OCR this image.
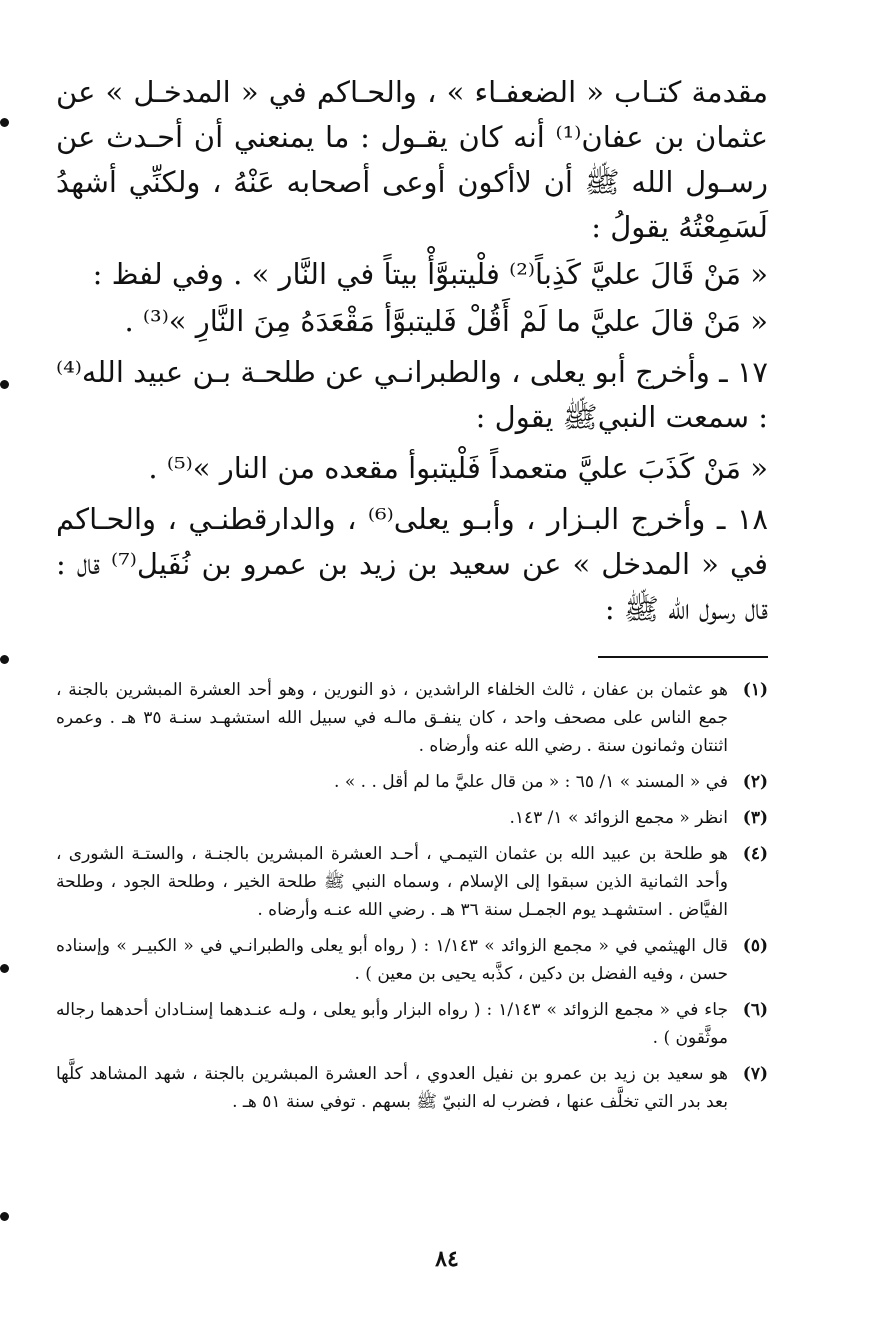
مقدمة كتـاب « الضعفـاء » ، والحـاكم في « المدخـل » عن عثمان بن عفان⁽¹⁾ أنه كان يقـول : ما يمنعني أن أحـدث عن رسـول الله ﷺ أن لاأكون أوعى أصحابه عَنْهُ ، ولكنِّي أشهدُ لَسَمِعْتُهُ يقولُ :

« مَنْ قَالَ عليَّ كَذِباً⁽²⁾ فلْيتبوَّأْ بيتاً في النَّار » . وفي لفظ :

« مَنْ قالَ عليَّ ما لَمْ أَقُلْ فَليتبوَّأ مَقْعَدَهُ مِنَ النَّارِ »⁽³⁾ .

١٧ ـ وأخرج أبو يعلى ، والطبرانـي عن طلحـة بـن عبيد الله⁽⁴⁾ : سمعت النبيﷺ يقول :

« مَنْ كَذَبَ عليَّ متعمداً فَلْيتبوأ مقعده من النار »⁽⁵⁾ .

١٨ ـ وأخرج البـزار ، وأبـو يعلى⁽⁶⁾ ، والدارقطنـي ، والحـاكم في « المدخل » عن سعيد بن زيد بن عمرو بن نُفَيل⁽⁷⁾ قال : قال رسول الله ﷺ :

(١)
هو عثمان بن عفان ، ثالث الخلفاء الراشدين ، ذو النورين ، وهو أحد العشرة المبشرين بالجنة ، جمع الناس على مصحف واحد ، كان ينفـق مالـه في سبيل الله استشهـد سنـة ٣٥ هـ . وعمره اثنتان وثمانون سنة . رضي الله عنه وأرضاه .
(٢)
في « المسند » ١/ ٦٥ : « من قال عليَّ ما لم أقل . . » .
(٣)
انظر « مجمع الزوائد » ١/ ١٤٣.
(٤)
هو طلحة بن عبيد الله بن عثمان التيمـي ، أحـد العشرة المبشرين بالجنـة ، والستـة الشورى ، وأحد الثمانية الذين سبقوا إلى الإسلام ، وسماه النبي ﷺ طلحة الخير ، وطلحة الجود ، وطلحة الفيَّاض . استشهـد يوم الجمـل سنة ٣٦ هـ . رضي الله عنـه وأرضاه .
(٥)
قال الهيثمي في « مجمع الزوائد » ١/١٤٣ : ( رواه أبو يعلى والطبرانـي في « الكبيـر » وإسناده حسن ، وفيه الفضل بن دكين ، كذَّبه يحيى بن معين ) .
(٦)
جاء في « مجمع الزوائد » ١/١٤٣ : ( رواه البزار وأبو يعلى ، ولـه عنـدهما إسنـادان أحدهما رجاله موثَّقون ) .
(٧)
هو سعيد بن زيد بن عمرو بن نفيل العدوي ، أحد العشرة المبشرين بالجنة ، شهد المشاهد كلَّها بعد بدر التي تخلَّف عنها ، فضرب له النبيّ ﷺ بسهم . توفي سنة ٥١ هـ .
٨٤
